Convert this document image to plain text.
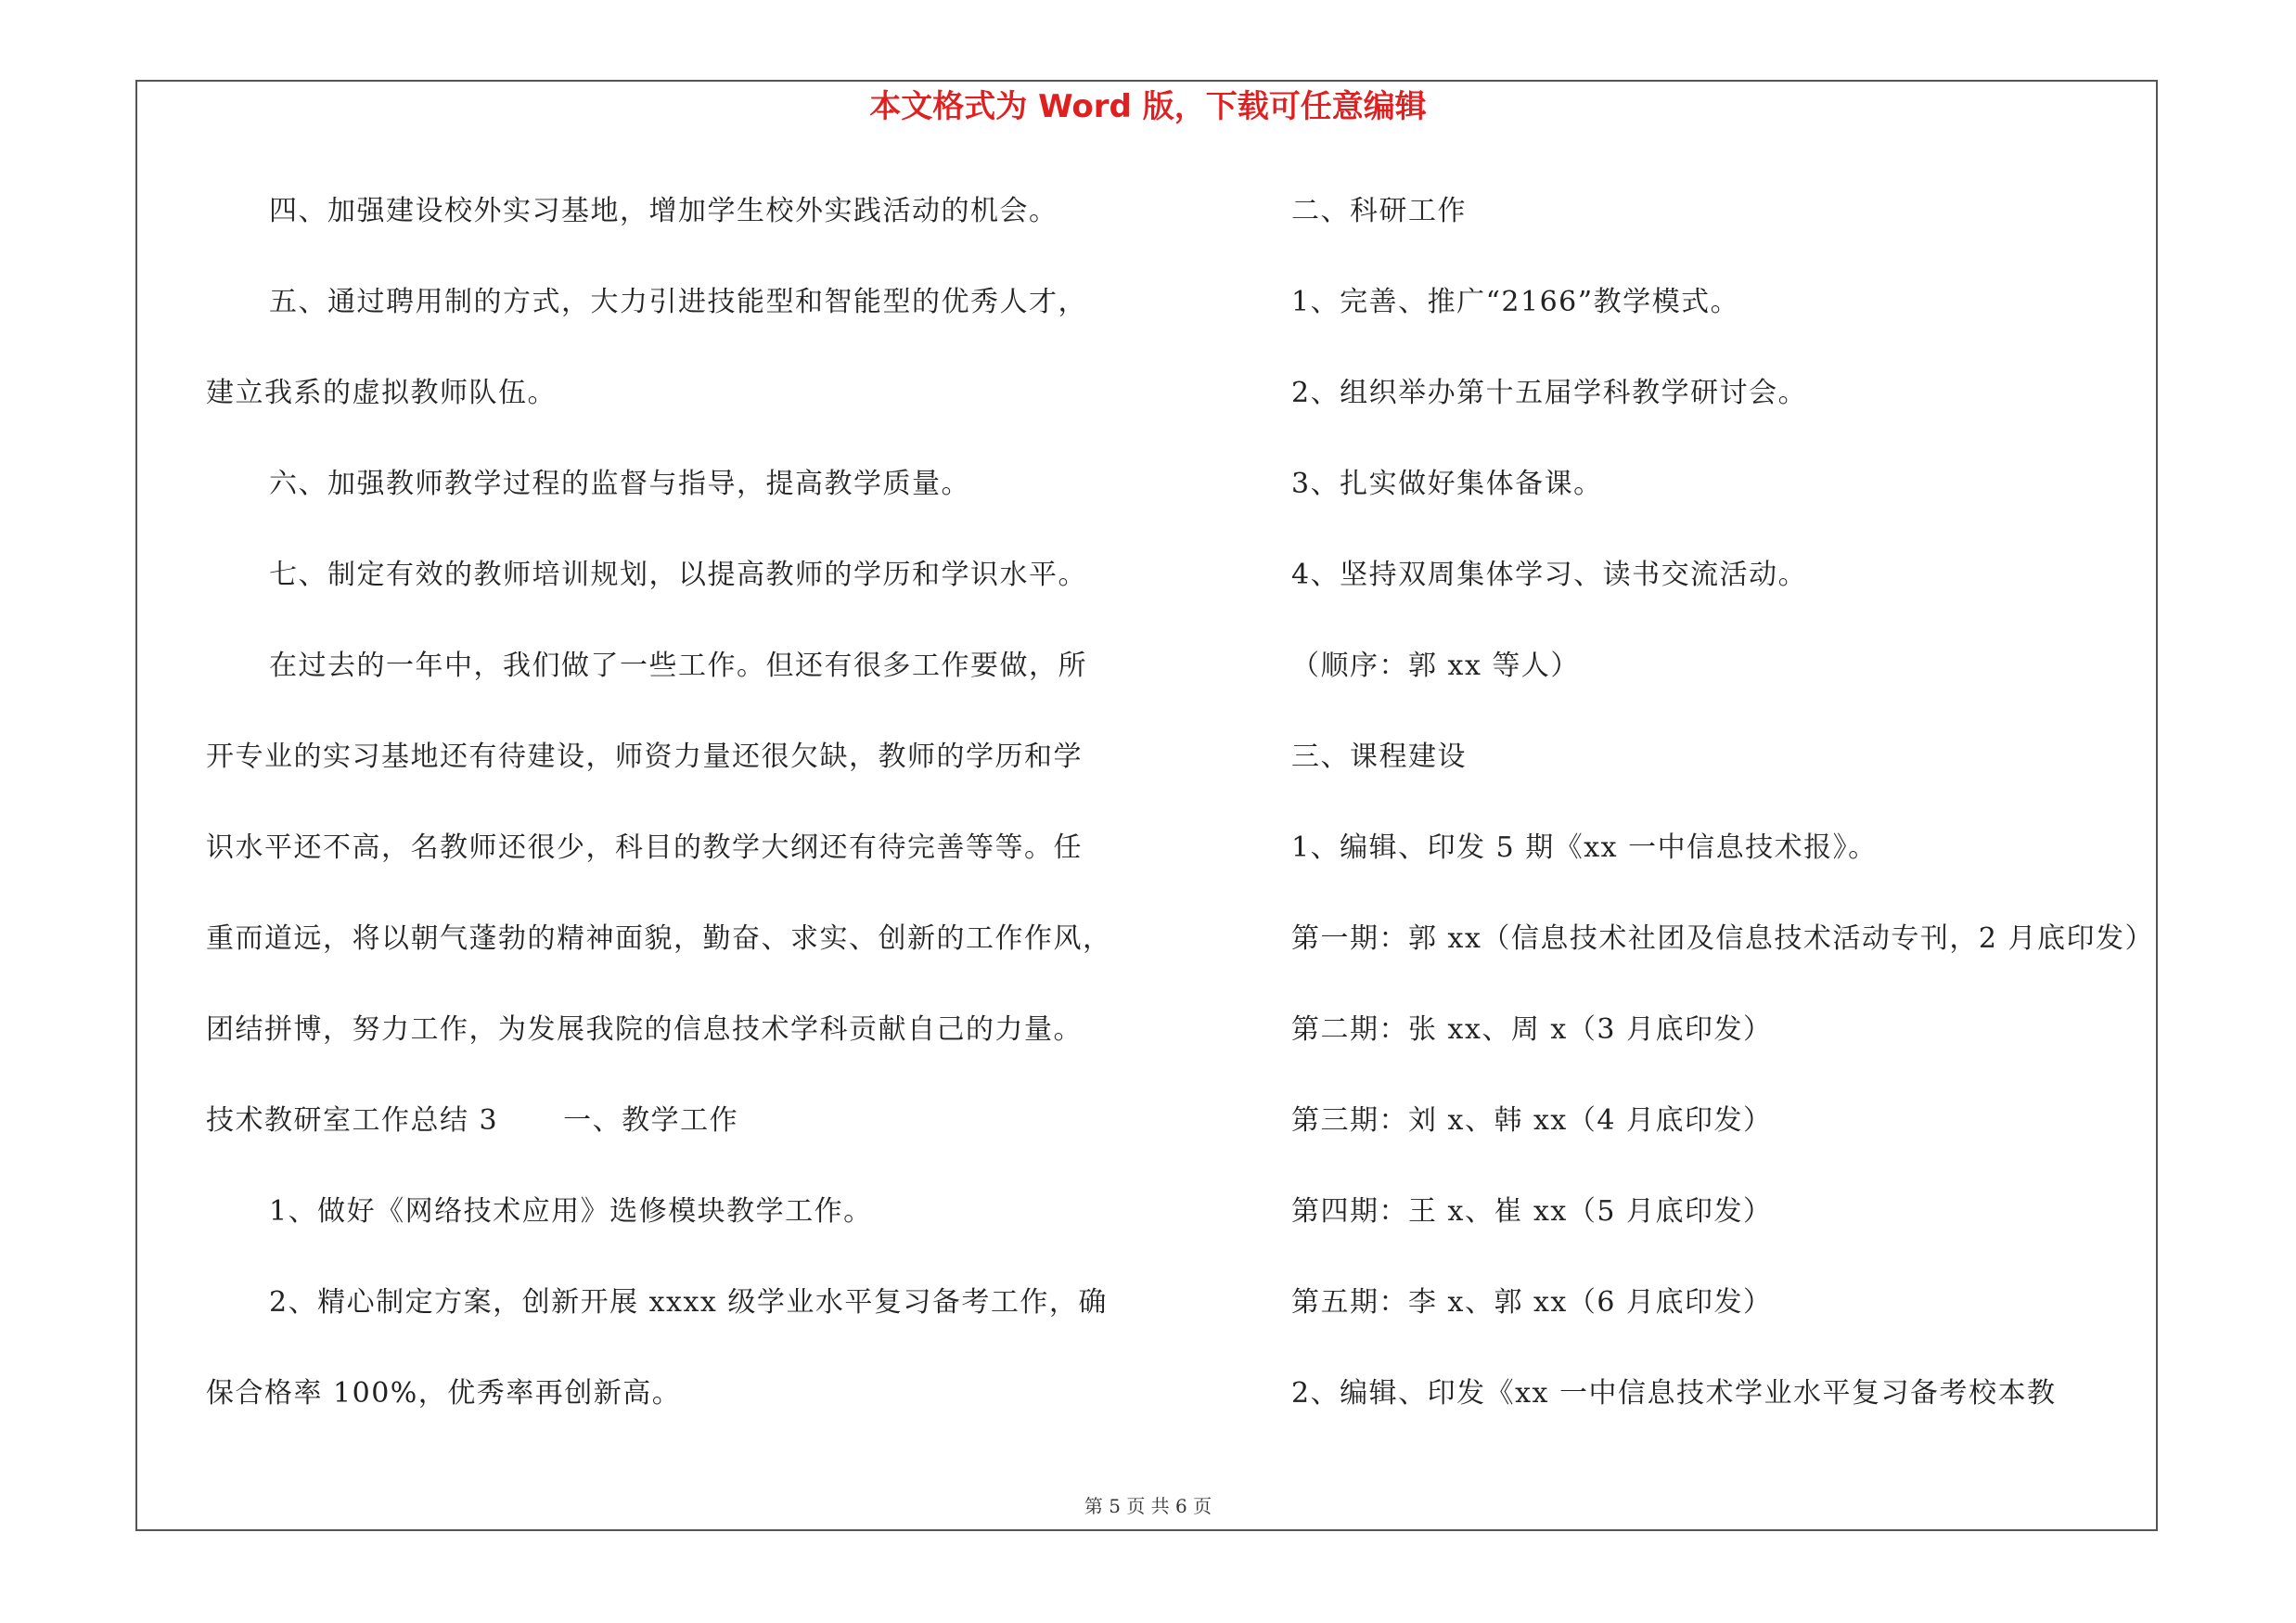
本文格式为 Word 版，下载可任意编辑
四、加强建设校外实习基地，增加学生校外实践活动的机会。
五、通过聘用制的方式，大力引进技能型和智能型的优秀人才，
建立我系的虚拟教师队伍。
六、加强教师教学过程的监督与指导，提高教学质量。
七、制定有效的教师培训规划，以提高教师的学历和学识水平。
在过去的一年中，我们做了一些工作。但还有很多工作要做，所
开专业的实习基地还有待建设，师资力量还很欠缺，教师的学历和学
识水平还不高，名教师还很少，科目的教学大纲还有待完善等等。任
重而道远，将以朝气蓬勃的精神面貌，勤奋、求实、创新的工作作风，
团结拼博，努力工作，为发展我院的信息技术学科贡献自己的力量。
技术教研室工作总结 3 一、教学工作
1、做好《网络技术应用》选修模块教学工作。
2、精心制定方案，创新开展 xxxx 级学业水平复习备考工作，确
保合格率 100%，优秀率再创新高。
二、科研工作
1、完善、推广“2166”教学模式。
2、组织举办第十五届学科教学研讨会。
3、扎实做好集体备课。
4、坚持双周集体学习、读书交流活动。
（顺序：郭 xx 等人）
三、课程建设
1、编辑、印发 5 期《xx 一中信息技术报》。
第一期：郭 xx（信息技术社团及信息技术活动专刊，2 月底印发）
第二期：张 xx、周 x（3 月底印发）
第三期：刘 x、韩 xx（4 月底印发）
第四期：王 x、崔 xx（5 月底印发）
第五期：李 x、郭 xx（6 月底印发）
2、编辑、印发《xx 一中信息技术学业水平复习备考校本教
第 5 页 共 6 页
